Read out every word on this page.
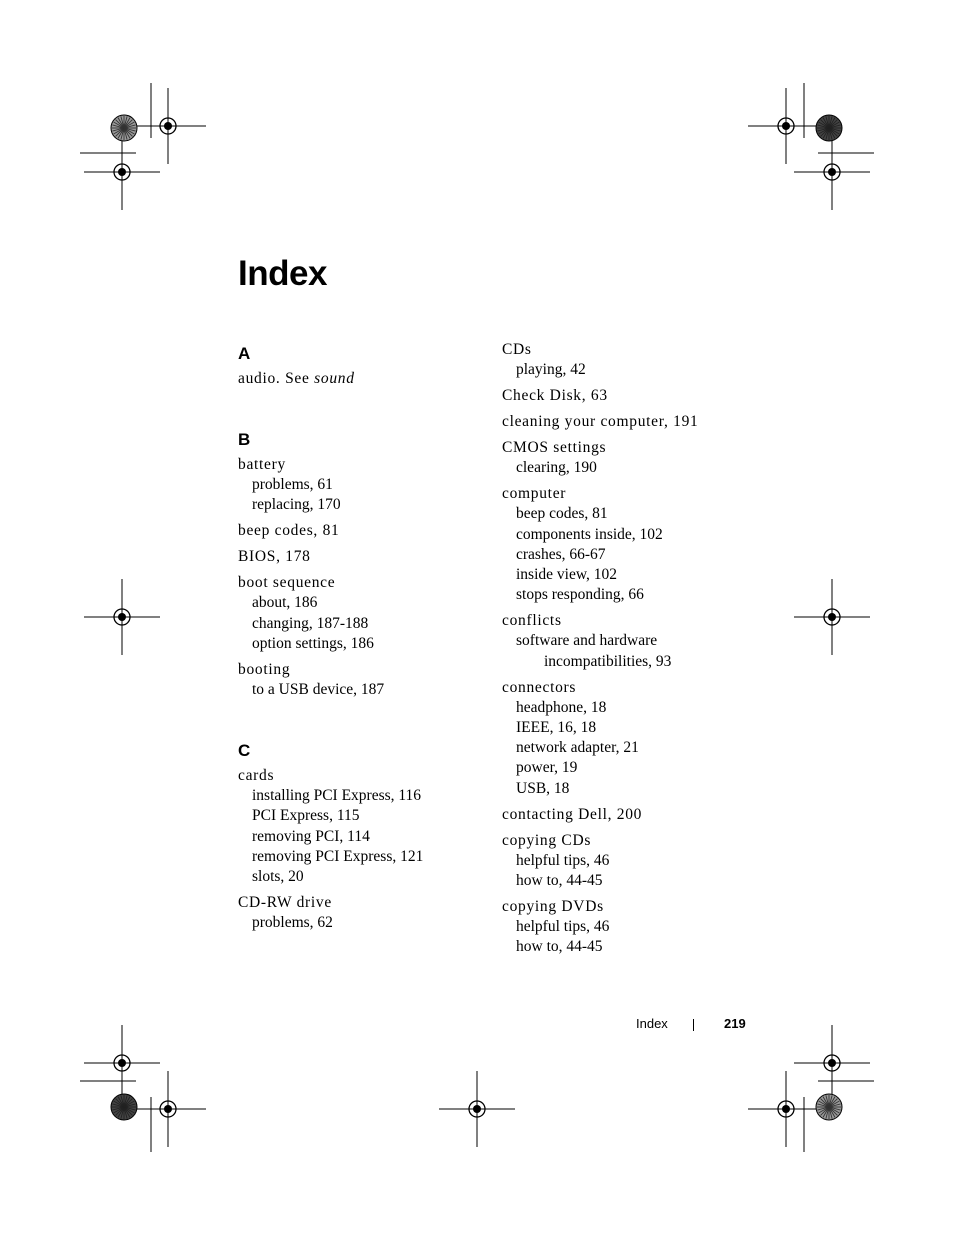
Index
A
audio. See sound
B
battery
problems, 61
replacing, 170
beep codes, 81
BIOS, 178
boot sequence
about, 186
changing, 187-188
option settings, 186
booting
to a USB device, 187
C
cards
installing PCI Express, 116
PCI Express, 115
removing PCI, 114
removing PCI Express, 121
slots, 20
CD-RW drive
problems, 62
CDs
playing, 42
Check Disk, 63
cleaning your computer, 191
CMOS settings
clearing, 190
computer
beep codes, 81
components inside, 102
crashes, 66-67
inside view, 102
stops responding, 66
conflicts
software and hardware
incompatibilities, 93
connectors
headphone, 18
IEEE, 16, 18
network adapter, 21
power, 19
USB, 18
contacting Dell, 200
copying CDs
helpful tips, 46
how to, 44-45
copying DVDs
helpful tips, 46
how to, 44-45
Index	219
